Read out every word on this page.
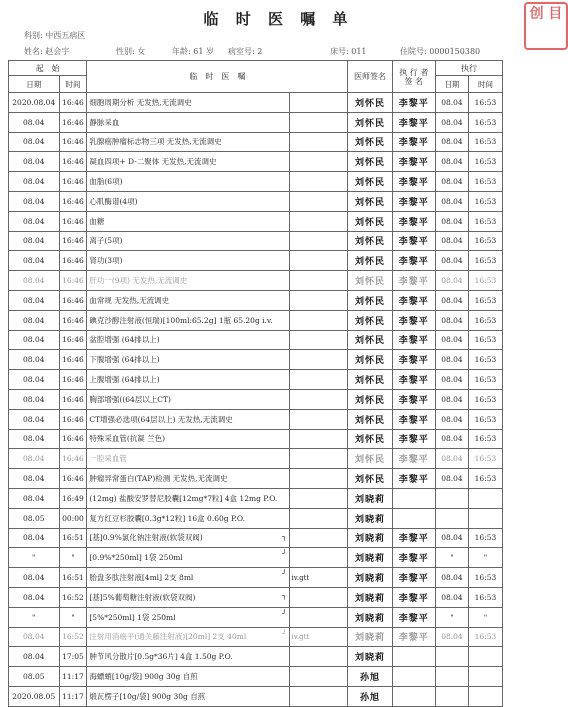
临 时 医 嘱 单
科别: 中西五病区
姓名: 赵会宇	性别: 女	年龄: 61 岁 病室号: 2	床号: 011	住院号: 0000150380
创 目
起　始		临　时　医　嘱		医师签名	执 行 者 签 名	执行	
日期	时间					日期	时间
2020.08.04	16:46	细胞周期分析 无发热,无流调史		刘怀民	李黎平	08.04	16:53
08.04	16:46	静脉采血		刘怀民	李黎平	08.04	16:53
08.04	16:46	乳腺癌肿瘤标志物三项 无发热,无流调史		刘怀民	李黎平	08.04	16:53
08.04	16:46	凝血四项+ D-二聚体 无发热,无流调史		刘怀民	李黎平	08.04	16:53
08.04	16:46	血脂(6项)		刘怀民	李黎平	08.04	16:53
08.04	16:46	心肌酶谱(4项)		刘怀民	李黎平	08.04	16:53
08.04	16:46	血糖		刘怀民	李黎平	08.04	16:53
08.04	16:46	离子(5项)		刘怀民	李黎平	08.04	16:53
08.04	16:46	肾功(3项)		刘怀民	李黎平	08.04	16:53
08.04	16:46	肝功一(9项) 无发热,无流调史		刘怀民	李黎平	08.04	16:53
08.04	16:46	血常规 无发热,无流调史		刘怀民	李黎平	08.04	16:53
08.04	16:46	碘克沙醇注射液(恒瑞)[100ml:65.2g] 1瓶 65.20g i.v.		刘怀民	李黎平	08.04	16:53
08.04	16:46	盆腔增强 (64排以上)		刘怀民	李黎平	08.04	16:53
08.04	16:46	下腹增强 (64排以上)		刘怀民	李黎平	08.04	16:53
08.04	16:46	上腹增强 (64排以上)		刘怀民	李黎平	08.04	16:53
08.04	16:46	胸部增强((64层以上CT)		刘怀民	李黎平	08.04	16:53
08.04	16:46	CT增强必选项(64层以上) 无发热,无流调史		刘怀民	李黎平	08.04	16:53
08.04	16:46	特殊采血管(抗凝 兰色)		刘怀民	李黎平	08.04	16:53
08.04	16:46	一腔采血管		刘怀民	李黎平	08.04	16:53
08.04	16:46	肿瘤异常蛋白(TAP)检测 无发热,无流调史		刘怀民	李黎平	08.04	16:53
08.04	16:49	(12mg) 盐酸安罗替尼胶囊[12mg*7粒] 4盒 12mg P.O.		刘晓莉			
08.05	00:00	复方红豆杉胶囊[0.3g*12粒] 16盒 0.60g P.O.		刘晓莉			
08.04	16:51	[基]0.9%氯化钠注射液(软袋双阀) ┐		刘晓莉	李黎平	08.04	16:53
"	"	[0.9%*250ml] 1袋 250ml ┘		刘晓莉	李黎平	"	"
08.04	16:51	胎盘多肽注射液[4ml] 2支 8ml ┘	iv.gtt	刘晓莉	李黎平	08.04	16:53
08.04	16:52	[基]5%葡萄糖注射液(软袋双阀) ┐		刘晓莉	李黎平	08.04	16:53
"	"	[5%*250ml] 1袋 250ml ┘		刘晓莉	李黎平	"	"
08.04	16:52	注射用消癌平(通关藤注射液)[20ml] 2支 40ml ┘	iv.gtt	刘晓莉	李黎平	08.04	16:53
08.04	17:05	肿节风分散片[0.5g*36片] 4盒 1.50g P.O.		刘晓莉			
08.05	11:17	海螵蛸[10g/袋] 900g 30g 自煎		孙旭			
2020.08.05	11:17	煅瓦楞子[10g/袋] 900g 30g 自煎		孙旭			
